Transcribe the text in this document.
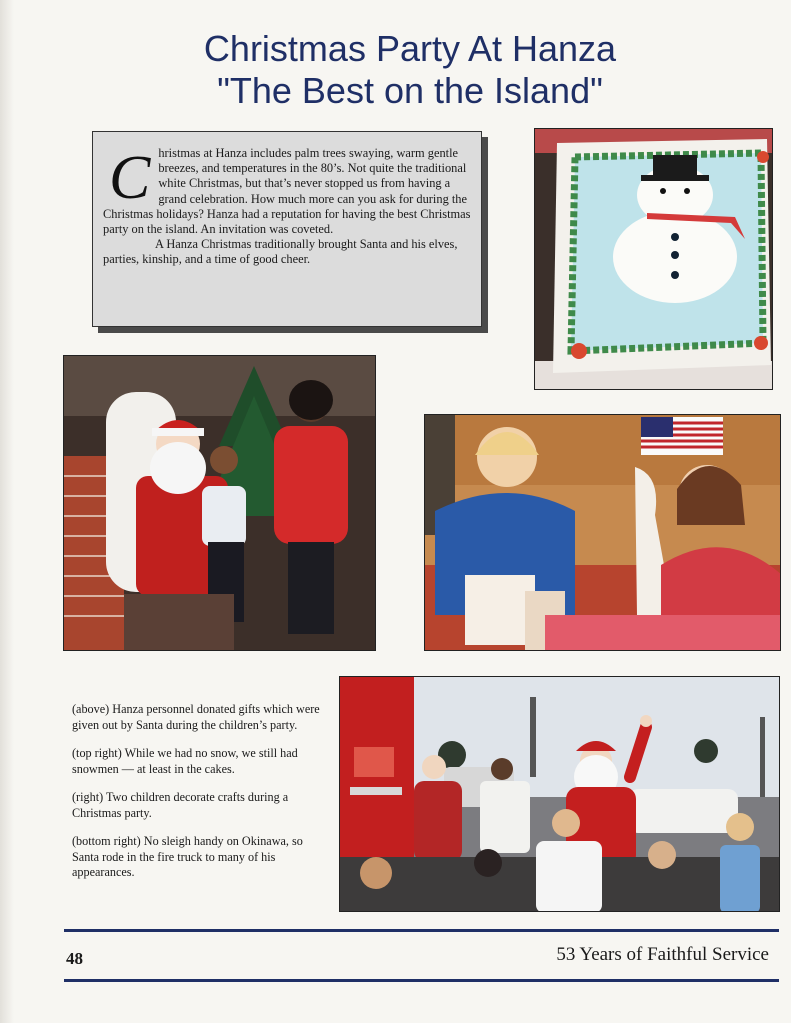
Christmas Party At Hanza
"The Best on the Island"
C hristmas at Hanza includes palm trees swaying, warm gentle breezes, and temperatures in the 80’s. Not quite the traditional white Christmas, but that’s never stopped us from having a grand celebration. How much more can you ask for during the Christmas holidays? Hanza had a reputation for having the best Christmas party on the island. An invitation was coveted.

A Hanza Christmas traditionally brought Santa and his elves, parties, kinship, and a time of good cheer.

(above) Hanza personnel donated gifts which were given out by Santa during the children’s party.

(top right) While we had no snow, we still had snowmen — at least in the cakes.

(right) Two children decorate crafts during a Christmas party.

(bottom right) No sleigh handy on Okinawa, so Santa rode in the fire truck to many of his appearances.

48	53 Years of Faithful Service
